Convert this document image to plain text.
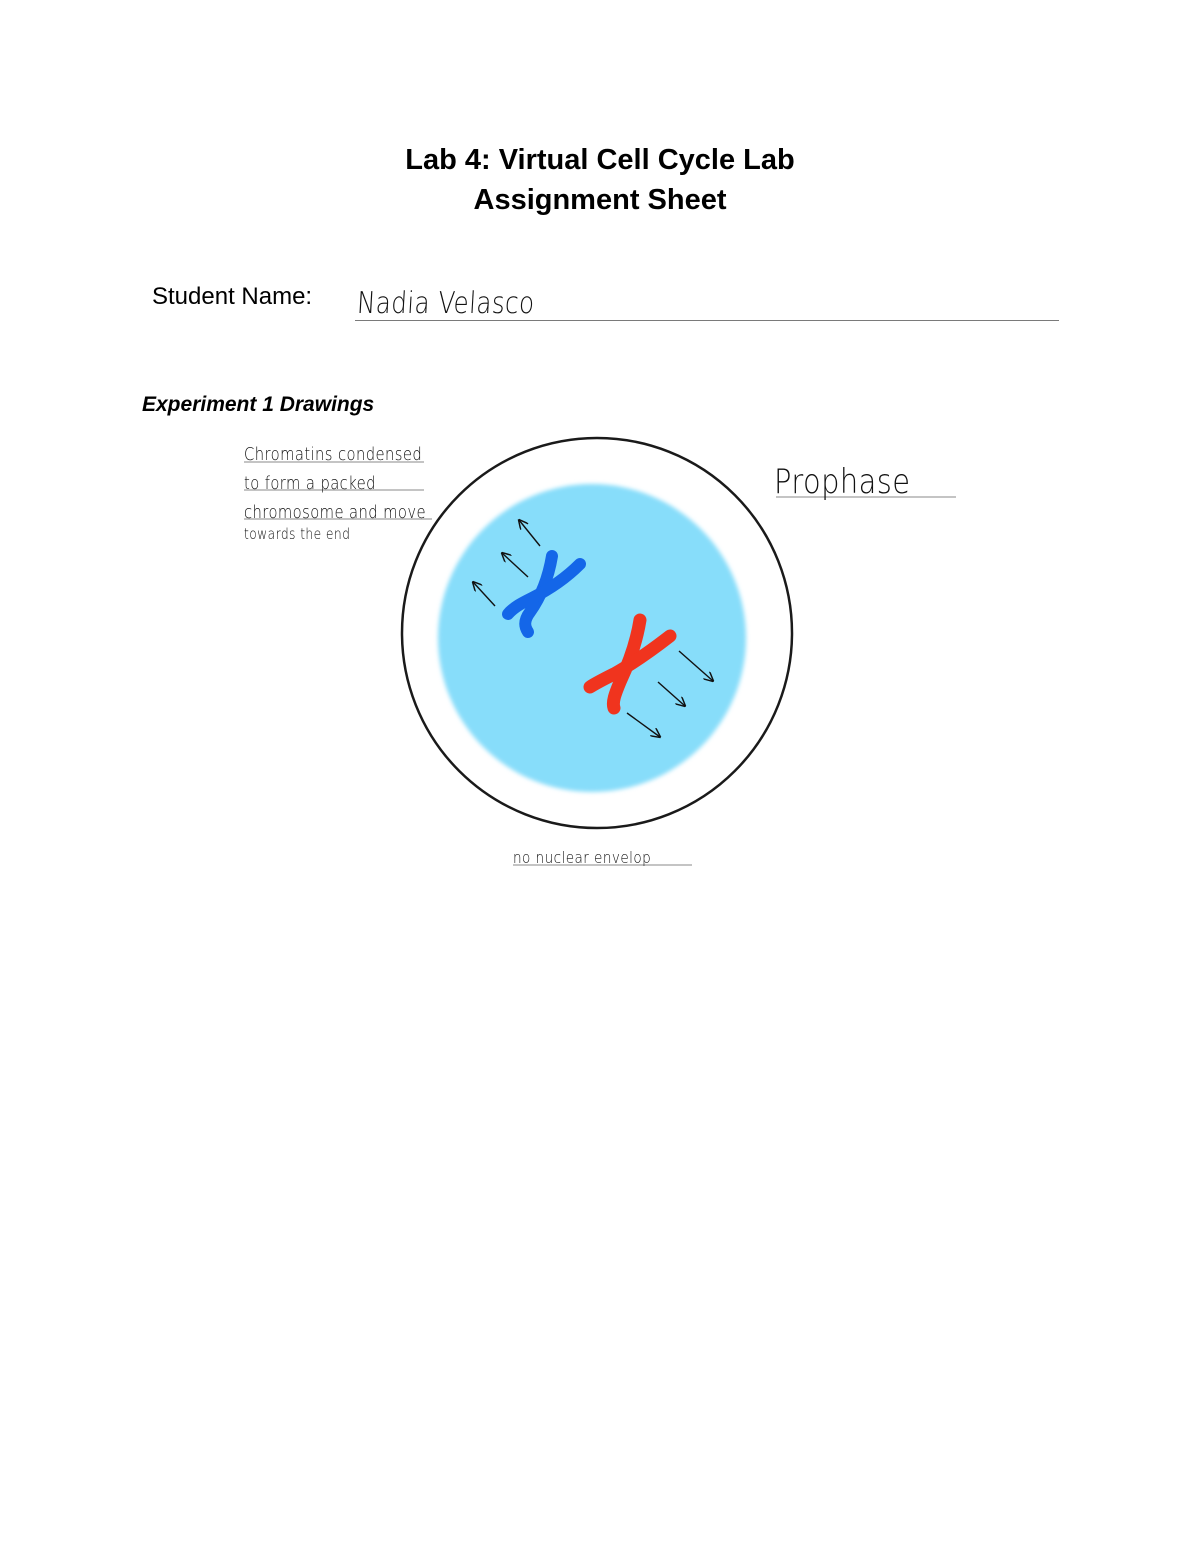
Lab 4: Virtual Cell Cycle Lab

Assignment Sheet

Student Name: Nadia Velasco
Experiment 1 Drawings
Chromatins condensed
to form a packed
chromosome and move
towards the end
Prophase
no nuclear envelop
